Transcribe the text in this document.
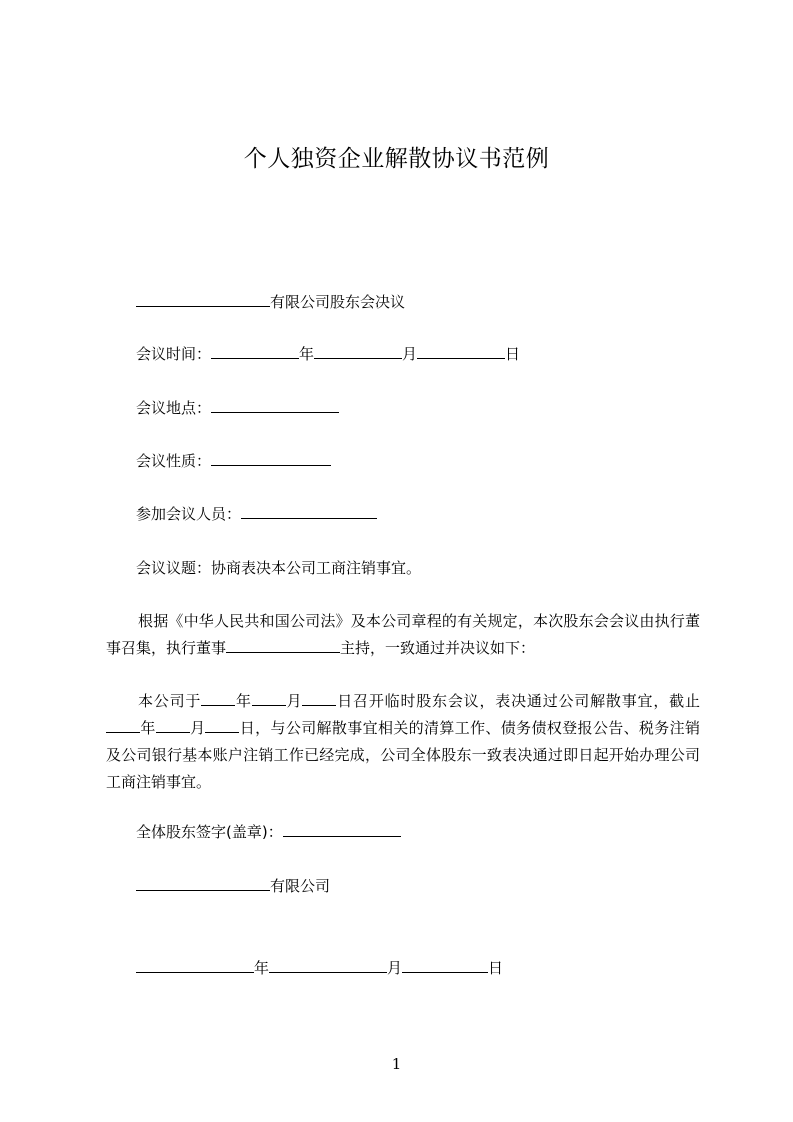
个人独资企业解散协议书范例
有限公司股东会决议
会议时间：	年	月	日
会议地点：
会议性质：
参加会议人员：
会议议题：协商表决本公司工商注销事宜。
根据《中华人民共和国公司法》及本公司章程的有关规定，本次股东会会议由执行董事召集，执行董事	主持，一致通过并决议如下：
本公司于 年 月 日召开临时股东会议，表决通过公司解散事宜，截止年 月 日，与公司解散事宜相关的清算工作、债务债权登报公告、税务注销及公司银行基本账户注销工作已经完成，公司全体股东一致表决通过即日起开始办理公司工商注销事宜。
全体股东签字(盖章)：
有限公司
年	月	日
1
